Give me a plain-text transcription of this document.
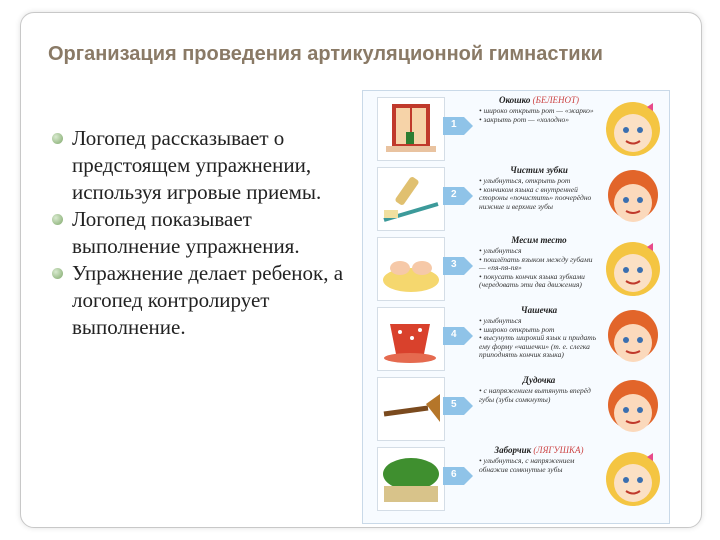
Организация проведения артикуляционной гимнастики
Логопед рассказывает о предстоящем упражнении, используя игровые приемы.
Логопед показывает выполнение упражнения.
Упражнение делает ребенок, а логопед контролирует выполнение.
1
Окошко (БЕЛЕНОТ)
• широко открыть рот — «жарко»
• закрыть рот — «холодно»
2
Чистим зубки
• улыбнуться, открыть рот
• кончиком языка с внутренней стороны «почистить» поочерёдно нижние и верхние зубы
3
Месим тесто
• улыбнуться
• пошлёпать языком между губами — «пя-пя-пя»
• покусать кончик языка зубками (чередовать эти два движения)
4
Чашечка
• улыбнуться
• широко открыть рот
• высунуть широкий язык и придать ему форму «чашечки» (т. е. слегка приподнять кончик языка)
5
Дудочка
• с напряжением вытянуть вперёд губы (зубы сомкнуты)
6
Заборчик (ЛЯГУШКА)
• улыбнуться, с напряжением обнажив сомкнутые зубы
